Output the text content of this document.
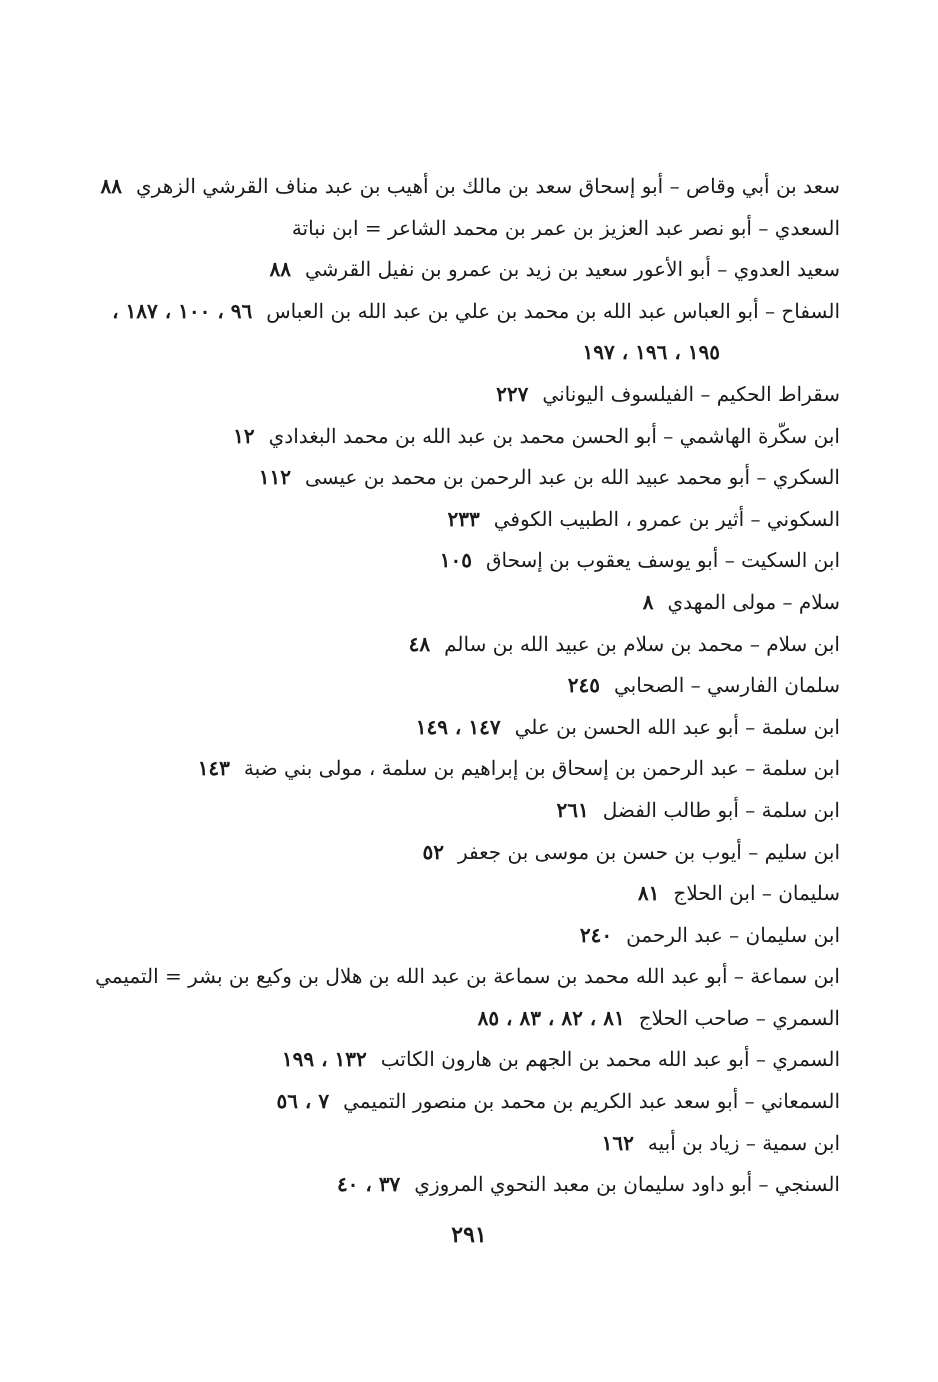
سعد بن أبي وقاص – أبو إسحاق سعد بن مالك بن أهيب بن عبد مناف القرشي الزهري٨٨
السعدي – أبو نصر عبد العزيز بن عمر بن محمد الشاعر = ابن نباتة
سعيد العدوي – أبو الأعور سعيد بن زيد بن عمرو بن نفيل القرشي٨٨
السفاح – أبو العباس عبد الله بن محمد بن علي بن عبد الله بن العباس٩٦ ، ١٠٠ ، ١٨٧ ،
١٩٥ ، ١٩٦ ، ١٩٧
سقراط الحكيم – الفيلسوف اليوناني٢٢٧
ابن سكّرة الهاشمي – أبو الحسن محمد بن عبد الله بن محمد البغدادي١٢
السكري – أبو محمد عبيد الله بن عبد الرحمن بن محمد بن عيسى١١٢
السكوني – أثير بن عمرو ، الطبيب الكوفي٢٣٣
ابن السكيت – أبو يوسف يعقوب بن إسحاق١٠٥
سلام – مولى المهدي٨
ابن سلام – محمد بن سلام بن عبيد الله بن سالم٤٨
سلمان الفارسي – الصحابي٢٤٥
ابن سلمة – أبو عبد الله الحسن بن علي١٤٧ ، ١٤٩
ابن سلمة – عبد الرحمن بن إسحاق بن إبراهيم بن سلمة ، مولى بني ضبة١٤٣
ابن سلمة – أبو طالب الفضل٢٦١
ابن سليم – أيوب بن حسن بن موسى بن جعفر٥٢
سليمان – ابن الحلاج٨١
ابن سليمان – عبد الرحمن٢٤٠
ابن سماعة – أبو عبد الله محمد بن سماعة بن عبد الله بن هلال بن وكيع بن بشر = التميمي
السمري – صاحب الحلاج٨١ ، ٨٢ ، ٨٣ ، ٨٥
السمري – أبو عبد الله محمد بن الجهم بن هارون الكاتب١٣٢ ، ١٩٩
السمعاني – أبو سعد عبد الكريم بن محمد بن منصور التميمي٧ ، ٥٦
ابن سمية – زياد بن أبيه١٦٢
السنجي – أبو داود سليمان بن معبد النحوي المروزي٣٧ ، ٤٠
٢٩١
